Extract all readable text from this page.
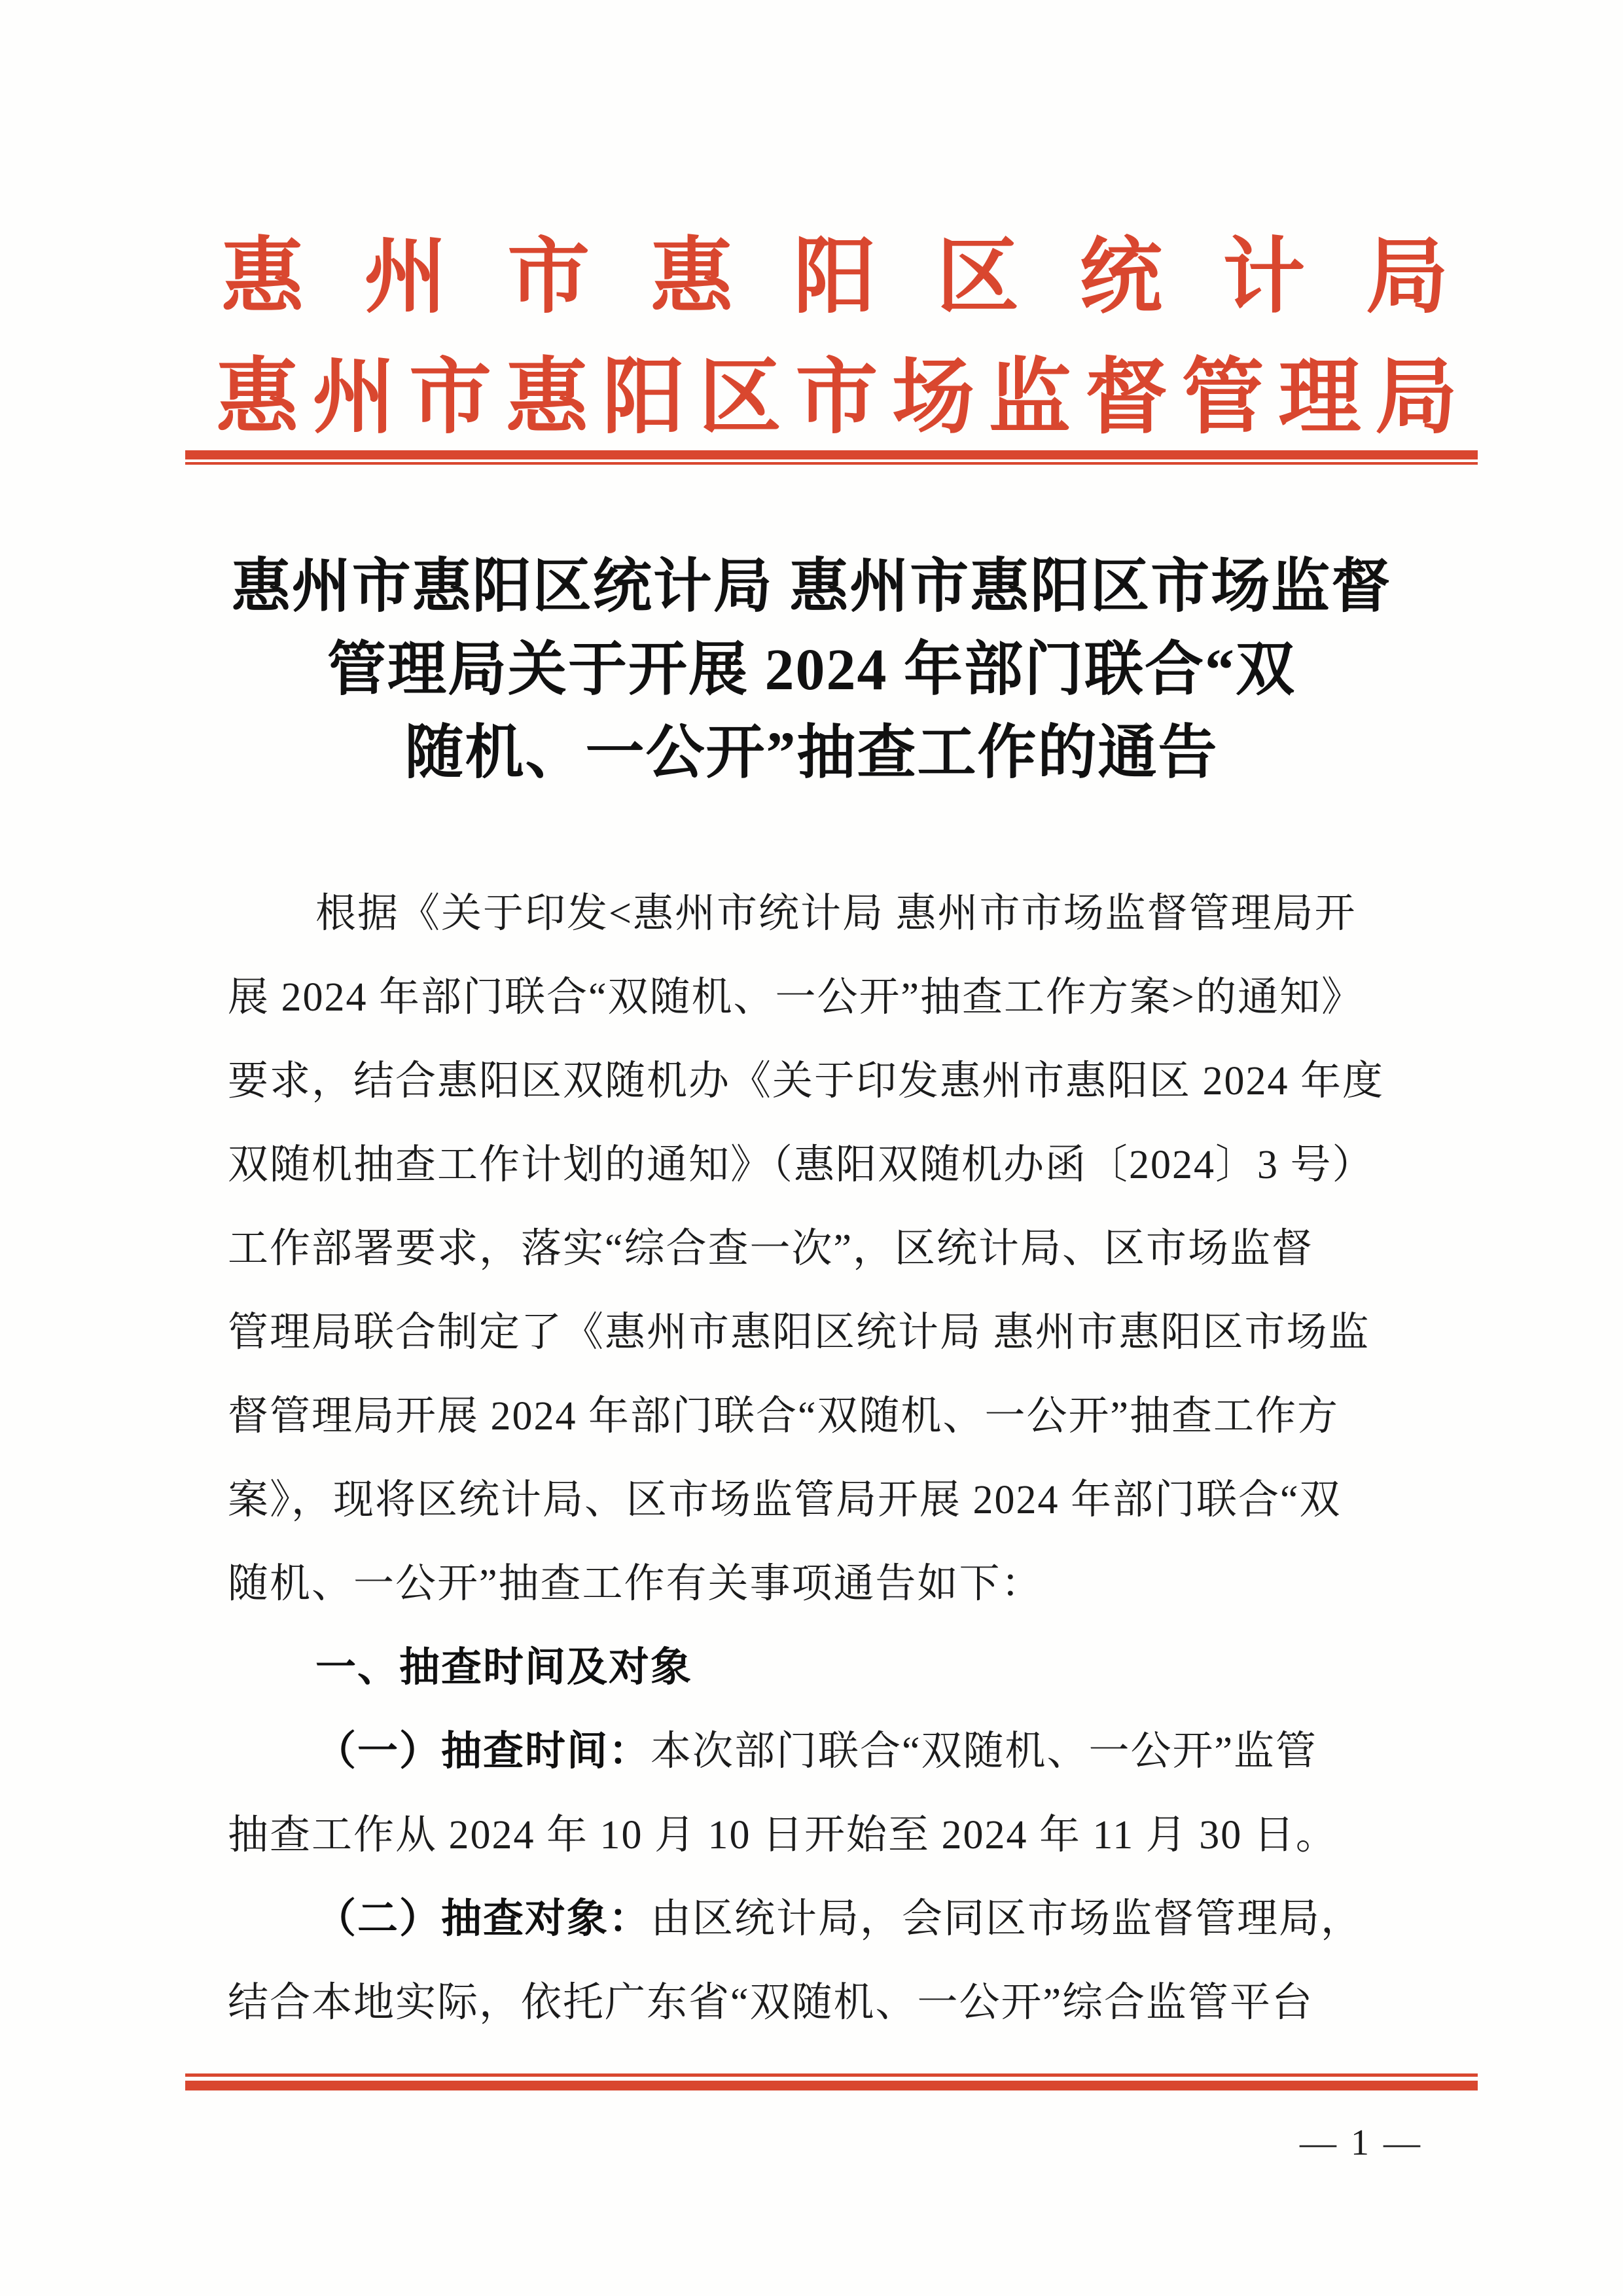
惠 州 市 惠 阳 区 统 计 局
惠 州 市 惠 阳 区 市 场 监 督 管 理 局
惠州市惠阳区统计局 惠州市惠阳区市场监督
管理局关于开展 2024 年部门联合“双
随机、一公开”抽查工作的通告
根据《关于印发<惠州市统计局 惠州市市场监督管理局开
展 2024 年部门联合“双随机、一公开”抽查工作方案>的通知》
要求，结合惠阳区双随机办《关于印发惠州市惠阳区 2024 年度
双随机抽查工作计划的通知》（惠阳双随机办函〔2024〕3 号）
工作部署要求，落实“综合查一次”，区统计局、区市场监督
管理局联合制定了《惠州市惠阳区统计局 惠州市惠阳区市场监
督管理局开展 2024 年部门联合“双随机、一公开”抽查工作方
案》，现将区统计局、区市场监管局开展 2024 年部门联合“双
随机、一公开”抽查工作有关事项通告如下：
一、抽查时间及对象
（一）抽查时间：本次部门联合“双随机、一公开”监管
抽查工作从 2024 年 10 月 10 日开始至 2024 年 11 月 30 日。
（二）抽查对象：由区统计局，会同区市场监督管理局，
结合本地实际，依托广东省“双随机、一公开”综合监管平台
— 1 —
